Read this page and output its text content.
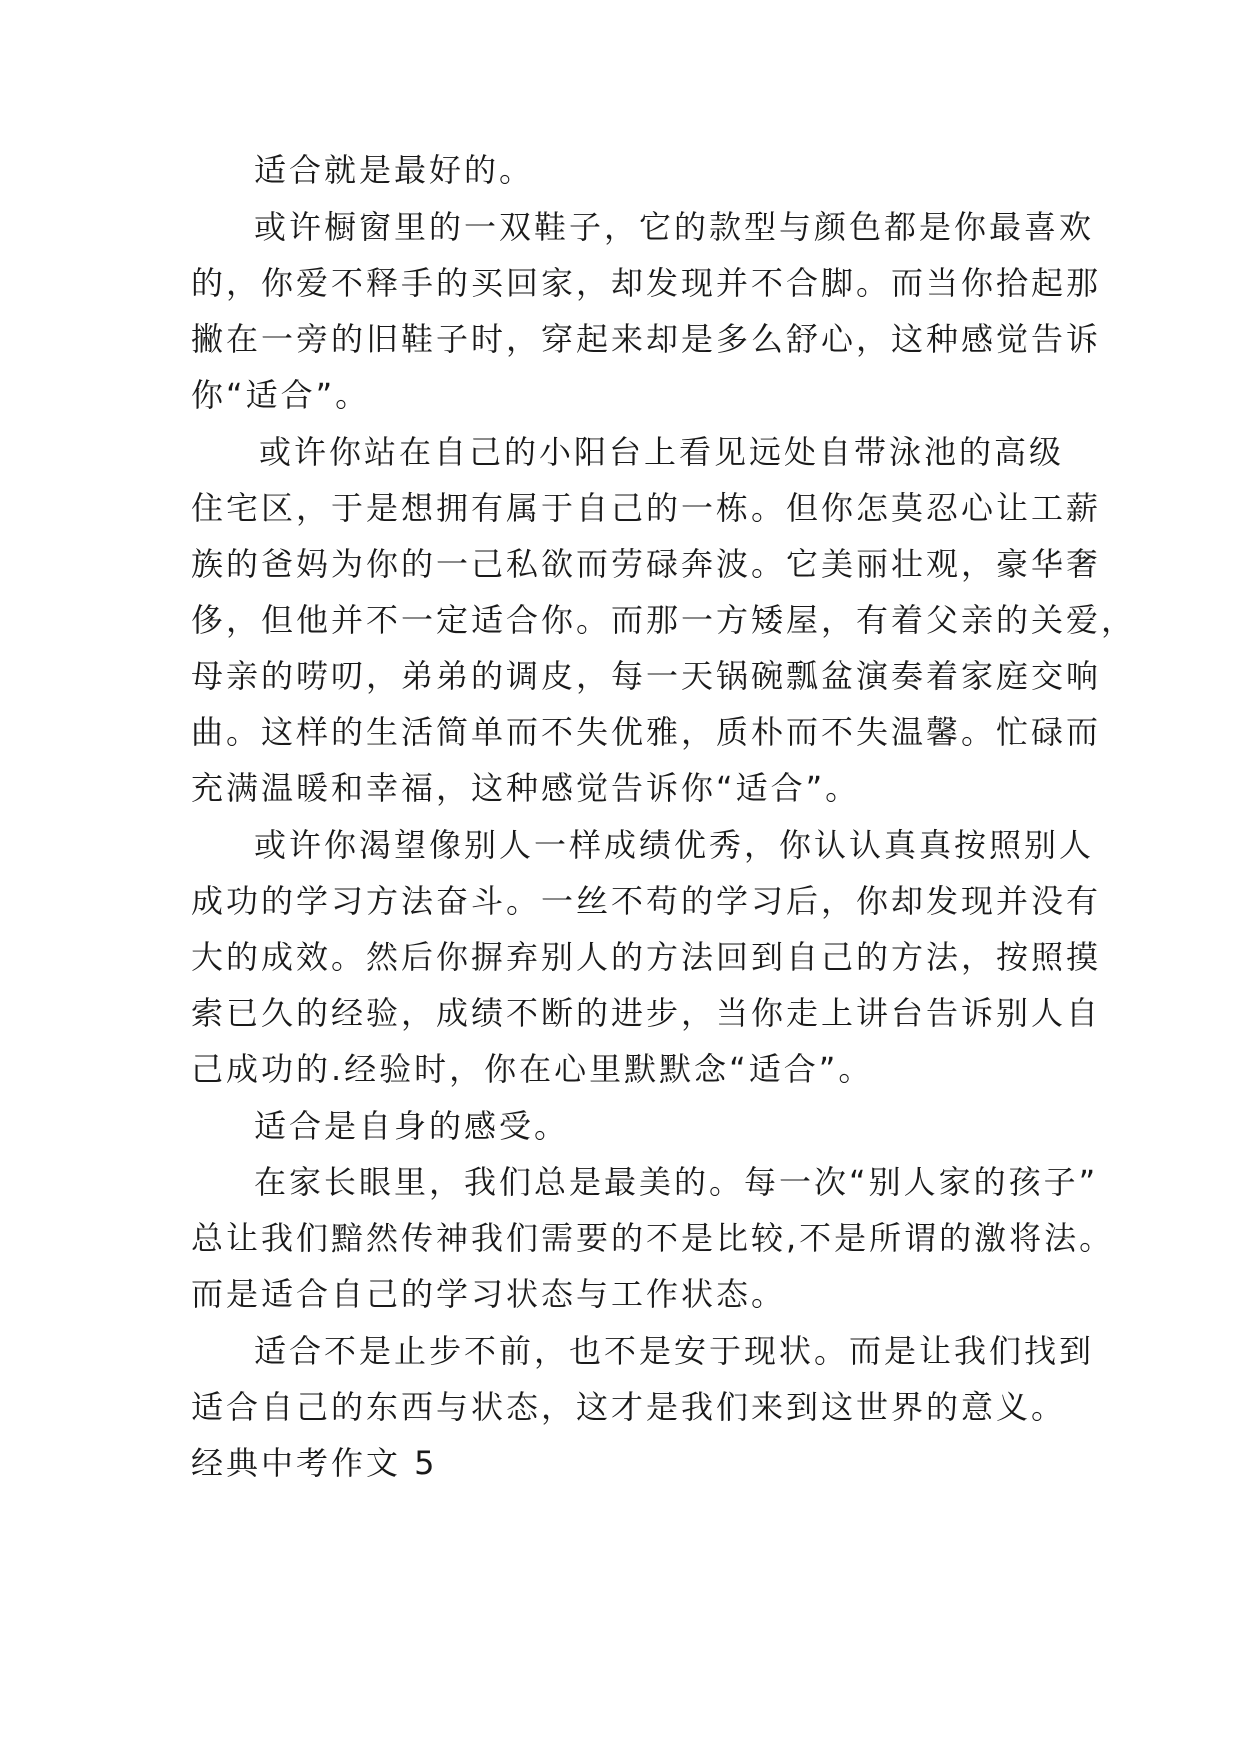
适合就是最好的。
或许橱窗里的一双鞋子，它的款型与颜色都是你最喜欢
的，你爱不释手的买回家，却发现并不合脚。而当你拾起那
撇在一旁的旧鞋子时，穿起来却是多么舒心，这种感觉告诉
你“适合”。
或许你站在自己的小阳台上看见远处自带泳池的高级
住宅区，于是想拥有属于自己的一栋。但你怎莫忍心让工薪
族的爸妈为你的一己私欲而劳碌奔波。它美丽壮观，豪华奢
侈，但他并不一定适合你。而那一方矮屋，有着父亲的关爱，
母亲的唠叨，弟弟的调皮，每一天锅碗瓢盆演奏着家庭交响
曲。这样的生活简单而不失优雅，质朴而不失温馨。忙碌而
充满温暖和幸福，这种感觉告诉你“适合”。
或许你渴望像别人一样成绩优秀，你认认真真按照别人
成功的学习方法奋斗。一丝不苟的学习后，你却发现并没有
大的成效。然后你摒弃别人的方法回到自己的方法，按照摸
索已久的经验，成绩不断的进步，当你走上讲台告诉别人自
己成功的.经验时，你在心里默默念“适合”。
适合是自身的感受。
在家长眼里，我们总是最美的。每一次“别人家的孩子”
总让我们黯然传神我们需要的不是比较,不是所谓的激将法。
而是适合自己的学习状态与工作状态。
适合不是止步不前，也不是安于现状。而是让我们找到
适合自己的东西与状态，这才是我们来到这世界的意义。
经典中考作文 5
